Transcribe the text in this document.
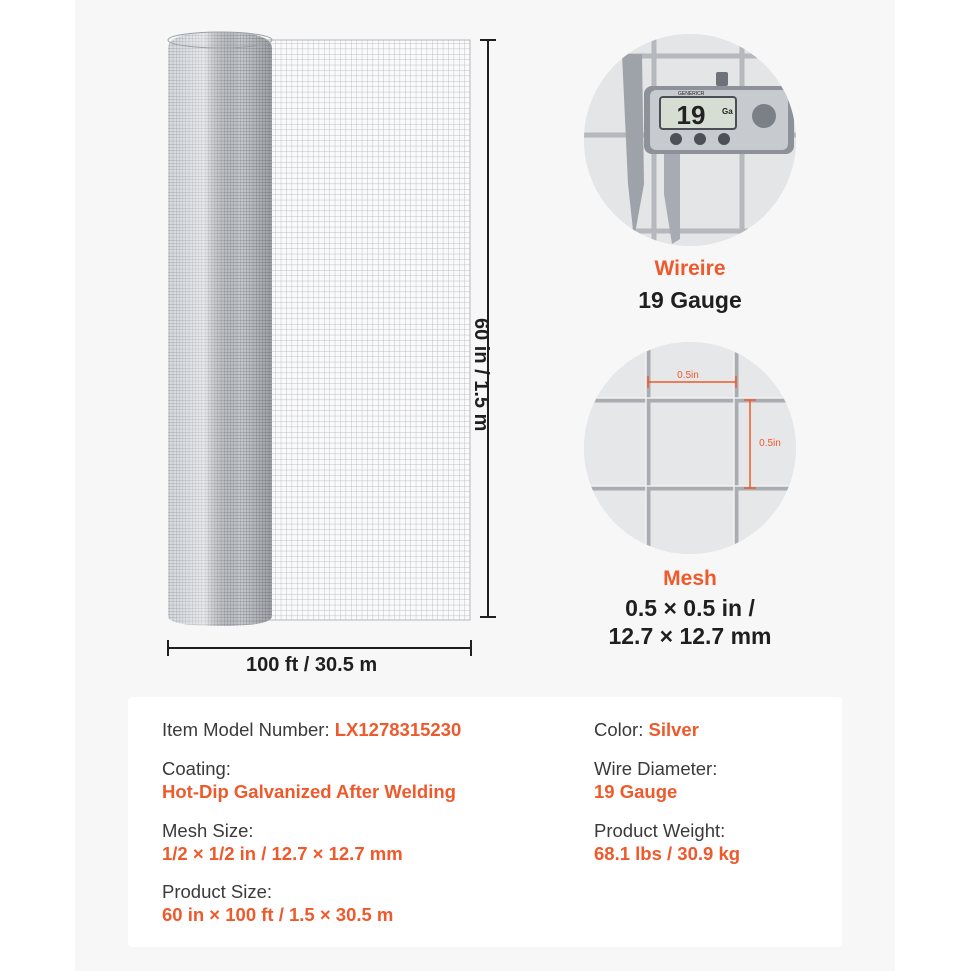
100 ft / 30.5 m
60 in / 1.5 m
19 Ga
GENERICR
Wireire
19 Gauge
0.5in
0.5in
Mesh
0.5 × 0.5 in /
12.7 × 12.7 mm
Item Model Number: LX1278315230
Coating:
Hot-Dip Galvanized After Welding
Mesh Size:
1/2 × 1/2 in / 12.7 × 12.7 mm
Product Size:
60 in × 100 ft / 1.5 × 30.5 m
Color: Silver
Wire Diameter:
19 Gauge
Product Weight:
68.1 lbs / 30.9 kg
